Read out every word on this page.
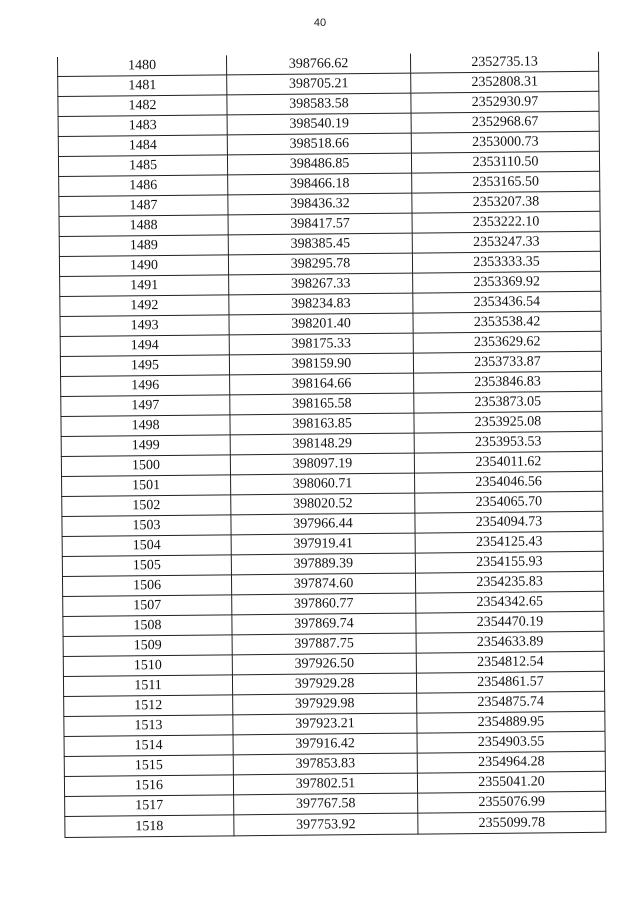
40
1480	398766.62	2352735.13
1481	398705.21	2352808.31
1482	398583.58	2352930.97
1483	398540.19	2352968.67
1484	398518.66	2353000.73
1485	398486.85	2353110.50
1486	398466.18	2353165.50
1487	398436.32	2353207.38
1488	398417.57	2353222.10
1489	398385.45	2353247.33
1490	398295.78	2353333.35
1491	398267.33	2353369.92
1492	398234.83	2353436.54
1493	398201.40	2353538.42
1494	398175.33	2353629.62
1495	398159.90	2353733.87
1496	398164.66	2353846.83
1497	398165.58	2353873.05
1498	398163.85	2353925.08
1499	398148.29	2353953.53
1500	398097.19	2354011.62
1501	398060.71	2354046.56
1502	398020.52	2354065.70
1503	397966.44	2354094.73
1504	397919.41	2354125.43
1505	397889.39	2354155.93
1506	397874.60	2354235.83
1507	397860.77	2354342.65
1508	397869.74	2354470.19
1509	397887.75	2354633.89
1510	397926.50	2354812.54
1511	397929.28	2354861.57
1512	397929.98	2354875.74
1513	397923.21	2354889.95
1514	397916.42	2354903.55
1515	397853.83	2354964.28
1516	397802.51	2355041.20
1517	397767.58	2355076.99
1518	397753.92	2355099.78
